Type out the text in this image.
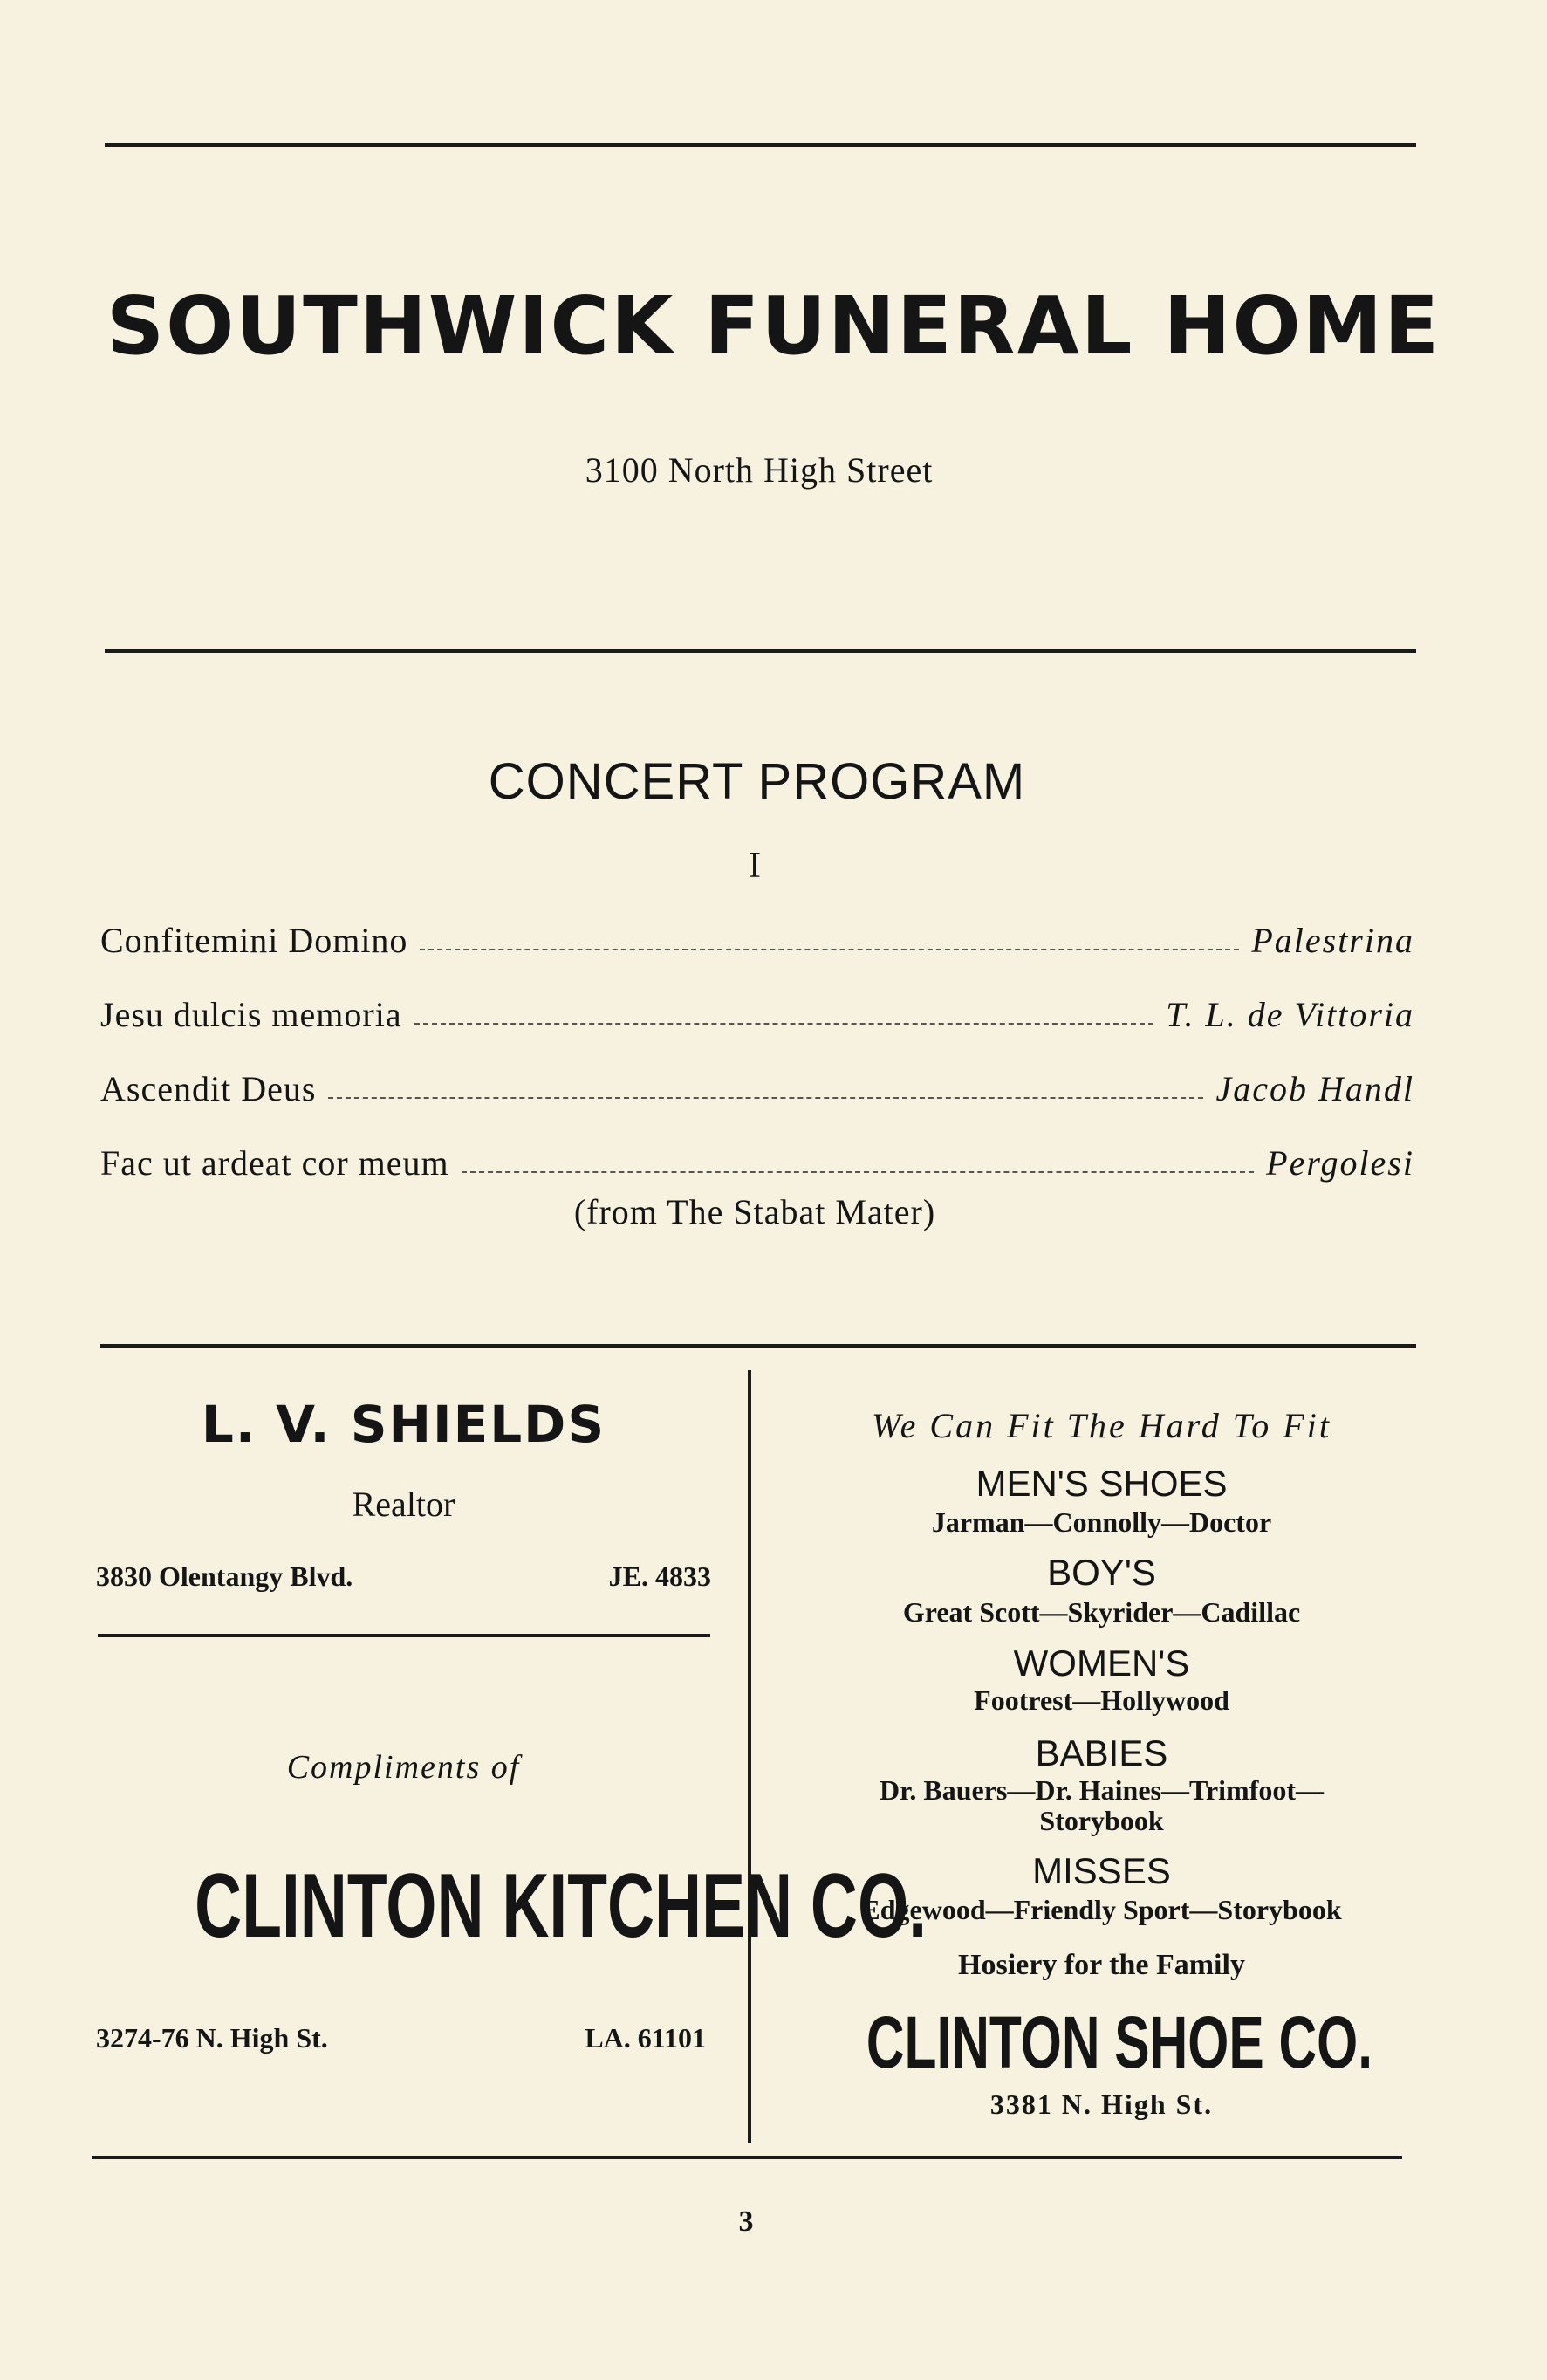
SOUTHWICK FUNERAL HOME
3100 North High Street
CONCERT PROGRAM
I
Confitemini Domino	Palestrina
Jesu dulcis memoria	T. L. de Vittoria
Ascendit Deus	Jacob Handl
Fac ut ardeat cor meum	Pergolesi
(from The Stabat Mater)
L. V. SHIELDS
Realtor
3830 Olentangy Blvd.	JE. 4833
Compliments of
CLINTON KITCHEN CO.
3274-76 N. High St.	LA. 61101
We Can Fit The Hard To Fit
MEN'S SHOES
Jarman—Connolly—Doctor
BOY'S
Great Scott—Skyrider—Cadillac
WOMEN'S
Footrest—Hollywood
BABIES
Dr. Bauers—Dr. Haines—Trimfoot—
Storybook
MISSES
Edgewood—Friendly Sport—Storybook
Hosiery for the Family
CLINTON SHOE CO.
3381 N. High St.
3
